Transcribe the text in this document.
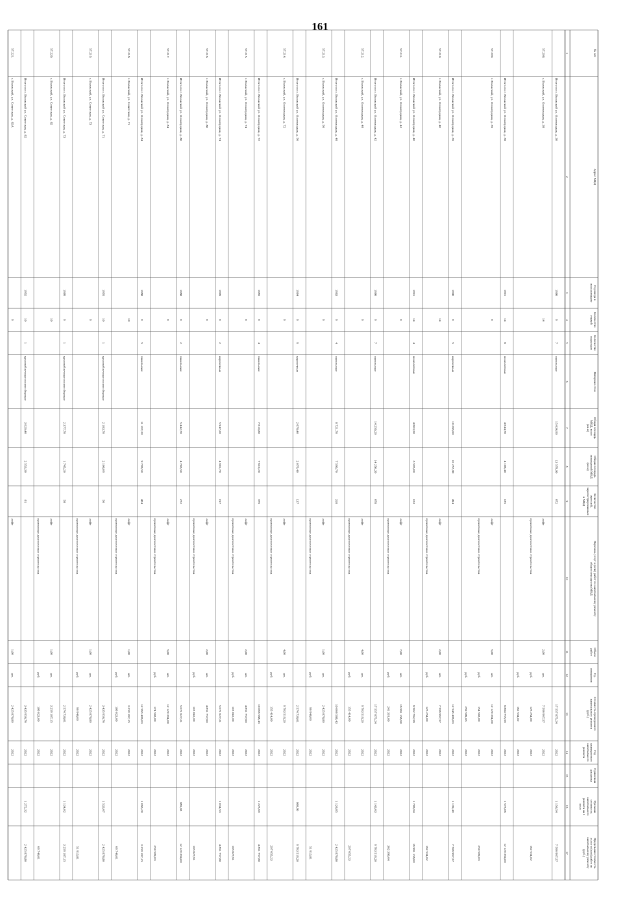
161
№ п/п
Адрес МКД
Год ввода в
эксплуатацию
Количество
этажей
Количество
подъездов
Материал стен
Общая площадь
МКД, всего
(кв.м)
Общая площадь
помещений МКД
(кв.м)
Количество
жителей,
зарегистрированных
в МКД
Перечень услуг и (или) работ по капитальному ремонту
общего имущества МКД
Объем
работ
Ед.
измерения
Стоимость проведенного
капитального ремонта
(руб.)
Год
планируемого
капитального
ремонта
Единичная
расценка
Удельная
стоимость
капитального
ремонта на 1
кв.м
Предельная стоимость
услуг и (или) работ по
капитальному ремонту
(руб.)
1
2
3
4
5
6
7
8
9
10
11
12
13
14
15
16
17
Итого по г. Волжский ул. Оломоуцкая, д. 30
1986
9
7
панельные
15 634,90
13 578,00
672
17 557 875,24
2022
1 156,54
7 596 967,57
57.208.
г. Волжский, ул. Оломоуцкая, д. 38
14
лифт
2,00
шт.
7 596 967,57
2022
проектные диагностики строительства
руб.
125 254,00
2022
162 534,02
руб.
162 534,02
2022
Итого по г. Волжский ул. Оломоуцкая, д. 38
1991
14
8
монолитные
4 644,70
4 106,40
185
8 884 755,59
2022
1 573,06
12 129 394,00
57.209.
г. Волжский, ул. Оломоуцкая, д. 39
9
лифт
5,00
шт.
12 129 394,00
2022
проектные диагностики строительства
руб.
154 503,00
2022
259 509,03
руб.
259 509,03
2022
Итого по г. Волжский ул. Оломоуцкая, д. 39
1990
9
5
кирпичные
10 283,60
10 257,90
494
12 543 406,03
2022
1 139,49
7 596 967,57
57.210.
г. Волжский, ул. Оломоуцкая, д. 40
14
лифт
2,00
шт.
7 596 967,57
2022
проектные диагностики строительства
руб.
125 254,00
2022
162 534,02
Итого по г. Волжский ул. Оломоуцкая, д. 40
1991
14
4
монолитные
4 603,50
3 595,00
163
8 502 782,58
2022
1 706,94
16 981 158,60
57.211.
г. Волжский, ул. Оломоуцкая, д. 42
9
лифт
7,00
шт.
16 981 158,60
2022
проектные диагностики строительства
руб.
241 319,00
2022
362 390,64
Итого по г. Волжский ул. Оломоуцкая, д. 42
1986
9
7
панельные
14 250,20
14 250,20
678
17 557 875,24
2022
1 143,63
9 703 519,20
57.212.
г. Волжский, ул. Оломоуцкая, д. 48
9
лифт
4,00
шт.
9 703 519,20
2022
проектные диагностики строительства
руб.
155 414,00
2022
207 655,23
Итого по г. Волжский ул. Оломоуцкая, д. 48
1983
9
4
панельные
8 721,70
7 590,70
318
10 066 588,43
2022
1 126,85
2 425 878,80
57.213.
г. Волжский, ул. Оломоуцкая, д. 56
9
лифт
1,00
шт.
2 425 878,80
2022
проектные диагностики строительства
руб.
96 946,00
2022
51 913,81
Итого по г. Волжский ул. Оломоуцкая, д. 56
1984
9
9
кирпичные
2 678,40
2 079,40
137
2 574 738,61
2022
868,90
9 703 519,20
57.214.
г. Волжский, ул. Оломоуцкая, д. 72
9
лифт
4,00
шт.
9 703 519,20
2022
проектные диагностики строительства
руб.
155 414,00
2022
207 655,23
Итого по г. Волжский ул. Оломоуцкая, д. 72
1985
9
4
панельные
7 610,80
7 610,20
379
10 066 588,43
2022
1 225,69
4 851 757,60
57.215.
г. Волжский, ул. Оломоуцкая, д. 74
9
лифт
2,00
шт.
4 851 757,60
2022
проектные диагностики строительства
руб.
116 042,00
2022
103 827,61
Итого по г. Волжский ул. Оломоуцкая, д. 74
1999
9
2
кирпичные
5 947,20
4 901,70
197
5 071 627,21
2022
1 034,53
4 851 757,60
57.216.
г. Волжский, ул. Оломоуцкая, д. 80
9
лифт
2,00
шт.
4 851 757,60
2022
проектные диагностики строительства
руб.
116 042,00
2022
103 827,61
Итого по г. Волжский ул. Оломоуцкая, д. 80
1988
9
2
панельные
5 442,70
4 703,50
272
5 071 627,21
2022
989,93
12 129 394,00
57.217.
г. Волжский, ул. Оломоуцкая, д. 84
9
лифт
5,00
шт.
12 129 394,00
2022
проектные диагностики строительства
руб.
174 503,00
2022
259 509,03
Итого по г. Волжский ул. Оломоуцкая, д. 84
1988
9
5
панельные
11 197,30
9 796,50
464
12 563 406,03
2022
1 083,20
3 259 187,15
57.218.
г. Волжский, ул. Советская, д. 71
10
лифт
1,00
шт.
3 259 187,15
2022
проектные диагностики строительства
руб.
109 023,00
2022
69 746,61
Итого по г. Волжский ул. Советская, д. 71
1995
10
1
крупноблочные полносборные
2 183,70
2 106,09
56
3 435 956,76
2022
1 533,67
2 425 878,80
57.219.
г. Волжский, ул. Советская, д. 73
9
лифт
1,00
шт.
2 425 878,80
2022
проектные диагностики строительства
руб.
96 946,00
2022
51 913,81
Итого по г. Волжский ул. Советская, д. 73
1989
9
1
крупноблочные полносборные
2 377,70
1 745,20
58
2 574 738,61
2022
1 134,02
3 259 187,15
57.220.
г. Волжский, ул. Советская, д. 82
10
лифт
1,00
шт.
3 259 187,15
2022
проектные диагностики строительства
руб.
109 023,00
2022
69 746,61
Итого по г. Волжский ул. Советская, д. 82
1992
10
1
крупноблочные полносборные
3 020,40
2 553,30
81
3 435 956,76
2022
1 272,32
2 425 878,80
57.221.
г. Волжский, ул. Советская, д. 82А
9
лифт
1,00
шт.
2 425 878,80
2022
